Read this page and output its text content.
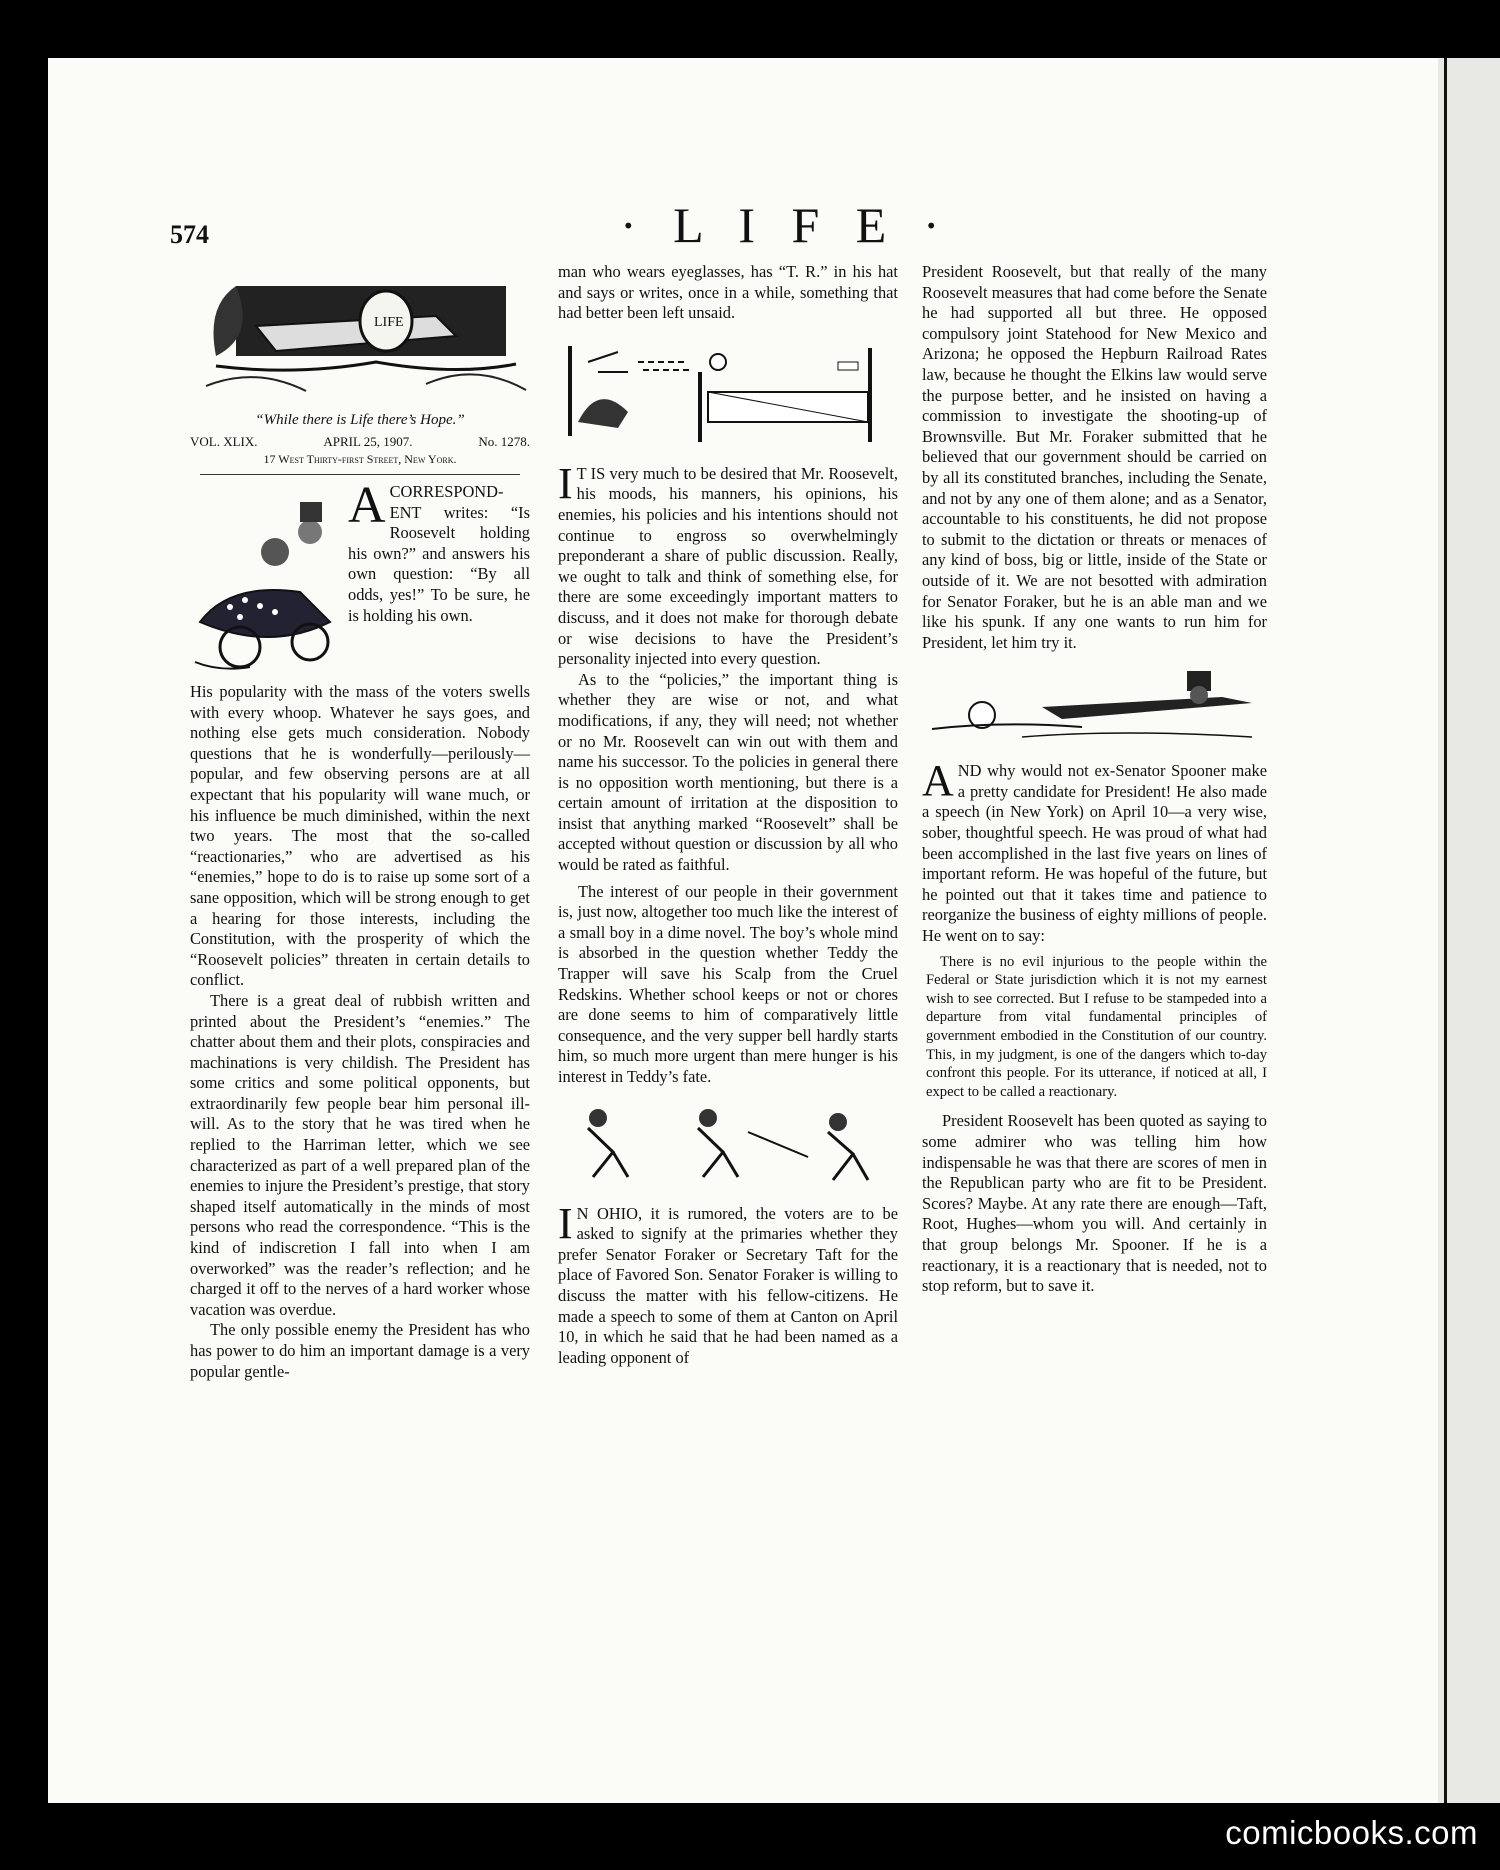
574	· L I F E ·
LIFE
“While there is Life there’s Hope.”
VOL. XLIX.	APRIL 25, 1907.	No. 1278.
17 West Thirty-first Street, New York.

ACORRESPOND-ENT writes: “Is Roosevelt holding his own?” and answers his own question: “By all odds, yes!” To be sure, he is holding his own.

His popularity with the mass of the voters swells with every whoop. Whatever he says goes, and nothing else gets much consideration. Nobody questions that he is wonderfully—perilously—popular, and few observing persons are at all expectant that his popularity will wane much, or his influence be much diminished, within the next two years. The most that the so-called “reactionaries,” who are advertised as his “enemies,” hope to do is to raise up some sort of a sane opposition, which will be strong enough to get a hearing for those interests, including the Constitution, with the prosperity of which the “Roosevelt policies” threaten in certain details to conflict.

There is a great deal of rubbish written and printed about the President’s “enemies.” The chatter about them and their plots, conspiracies and machinations is very childish. The President has some critics and some political opponents, but extraordinarily few people bear him personal ill-will. As to the story that he was tired when he replied to the Harriman letter, which we see characterized as part of a well prepared plan of the enemies to injure the President’s prestige, that story shaped itself automatically in the minds of most persons who read the correspondence. “This is the kind of indiscretion I fall into when I am overworked” was the reader’s reflection; and he charged it off to the nerves of a hard worker whose vacation was overdue.

The only possible enemy the President has who has power to do him an important damage is a very popular gentle-

man who wears eyeglasses, has “T. R.” in his hat and says or writes, once in a while, something that had better been left unsaid.

I T IS very much to be desired that Mr. Roosevelt, his moods, his manners, his opinions, his enemies, his policies and his intentions should not continue to engross so overwhelmingly preponderant a share of public discussion. Really, we ought to talk and think of something else, for there are some exceedingly important matters to discuss, and it does not make for thorough debate or wise decisions to have the President’s personality injected into every question.

As to the “policies,” the important thing is whether they are wise or not, and what modifications, if any, they will need; not whether or no Mr. Roosevelt can win out with them and name his successor. To the policies in general there is no opposition worth mentioning, but there is a certain amount of irritation at the disposition to insist that anything marked “Roosevelt” shall be accepted without question or discussion by all who would be rated as faithful.

The interest of our people in their government is, just now, altogether too much like the interest of a small boy in a dime novel. The boy’s whole mind is absorbed in the question whether Teddy the Trapper will save his Scalp from the Cruel Redskins. Whether school keeps or not or chores are done seems to him of comparatively little consequence, and the very supper bell hardly starts him, so much more urgent than mere hunger is his interest in Teddy’s fate.

I N OHIO, it is rumored, the voters are to be asked to signify at the primaries whether they prefer Senator Foraker or Secretary Taft for the place of Favored Son. Senator Foraker is willing to discuss the matter with his fellow-citizens. He made a speech to some of them at Canton on April 10, in which he said that he had been named as a leading opponent of

President Roosevelt, but that really of the many Roosevelt measures that had come before the Senate he had supported all but three. He opposed compulsory joint Statehood for New Mexico and Arizona; he opposed the Hepburn Railroad Rates law, because he thought the Elkins law would serve the purpose better, and he insisted on having a commission to investigate the shooting-up of Brownsville. But Mr. Foraker submitted that he believed that our government should be carried on by all its constituted branches, including the Senate, and not by any one of them alone; and as a Senator, accountable to his constituents, he did not propose to submit to the dictation or threats or menaces of any kind of boss, big or little, inside of the State or outside of it. We are not besotted with admiration for Senator Foraker, but he is an able man and we like his spunk. If any one wants to run him for President, let him try it.

AND why would not ex-Senator Spooner make a pretty candidate for President! He also made a speech (in New York) on April 10—a very wise, sober, thoughtful speech. He was proud of what had been accomplished in the last five years on lines of important reform. He was hopeful of the future, but he pointed out that it takes time and patience to reorganize the business of eighty millions of people. He went on to say:

There is no evil injurious to the people within the Federal or State jurisdiction which it is not my earnest wish to see corrected. But I refuse to be stampeded into a departure from vital fundamental principles of government embodied in the Constitution of our country. This, in my judgment, is one of the dangers which to-day confront this people. For its utterance, if noticed at all, I expect to be called a reactionary.

President Roosevelt has been quoted as saying to some admirer who was telling him how indispensable he was that there are scores of men in the Republican party who are fit to be President. Scores? Maybe. At any rate there are enough—Taft, Root, Hughes—whom you will. And certainly in that group belongs Mr. Spooner. If he is a reactionary, it is a reactionary that is needed, not to stop reform, but to save it.

comicbooks.com
